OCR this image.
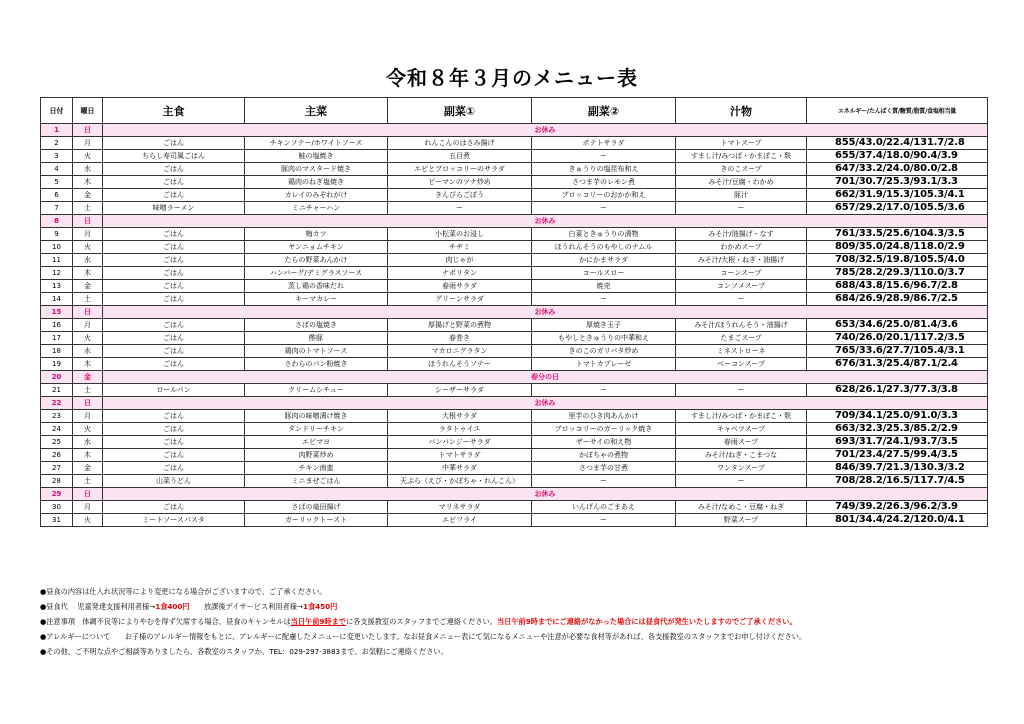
令和８年３月のメニュー表
日付	曜日	主食	主菜	副菜①	副菜②	汁物	エネルギー/たんぱく質/糖質/脂質/食塩相当量
1	日	お休み					
2	月	ごはん	チキンソテー/ホワイトソース	れんこんのはさみ揚げ	ポテトサラダ	トマトスープ	855/43.0/22.4/131.7/2.8
3	火	ちらし寿司風ごはん	鮭の塩焼き	五目煮	ー	すまし汁/みつば・かまぼこ・麩	655/37.4/18.0/90.4/3.9
4	水	ごはん	豚肉のマスタード焼き	エビとブロッコリーのサラダ	きゅうりの塩昆布和え	きのこスープ	647/33.2/24.0/80.0/2.8
5	木	ごはん	鶏肉のねぎ塩焼き	ピーマンのツナ炒め	さつま芋のレモン煮	みそ汁/豆腐・わかめ	701/30.7/25.3/93.1/3.3
6	金	ごはん	カレイのみぞれがけ	きんぴらごぼう	ブロッコリーのおかか和え	豚汁	662/31.9/15.3/105.3/4.1
7	土	味噌ラーメン	ミニチャーハン	ー	ー	ー	657/29.2/17.0/105.5/3.6
8	日	お休み					
9	月	ごはん	梅カツ	小松菜のお浸し	白菜ときゅうりの漬物	みそ汁/油揚げ・なす	761/33.5/25.6/104.3/3.5
10	火	ごはん	ヤンニョムチキン	チヂミ	ほうれんそうのもやしのナムル	わかめスープ	809/35.0/24.8/118.0/2.9
11	水	ごはん	たらの野菜あんかけ	肉じゃが	かにかまサラダ	みそ汁/大根・ねぎ・油揚げ	708/32.5/19.8/105.5/4.0
12	木	ごはん	ハンバーグ/デミグラスソース	ナポリタン	コールスロー	コーンスープ	785/28.2/29.3/110.0/3.7
13	金	ごはん	蒸し鶏の香味だれ	春雨サラダ	焼売	コンソメスープ	688/43.8/15.6/96.7/2.8
14	土	ごはん	キーマカレー	グリーンサラダ	ー	ー	684/26.9/28.9/86.7/2.5
15	日	お休み					
16	月	ごはん	さばの塩焼き	厚揚げと野菜の煮物	厚焼き玉子	みそ汁/ほうれんそう・油揚げ	653/34.6/25.0/81.4/3.6
17	火	ごはん	酢豚	春巻き	もやしときゅうりの中華和え	たまごスープ	740/26.0/20.1/117.2/3.5
18	水	ごはん	鶏肉のトマトソース	マカロニグラタン	きのこのガリバタ炒め	ミネストローネ	765/33.6/27.7/105.4/3.1
19	木	ごはん	さわらのパン粉焼き	ほうれんそうソテー	トマトカプレーゼ	ベーコンスープ	676/31.3/25.4/87.1/2.4
20	金	春分の日					
21	土	ロールパン	クリームシチュー	シーザーサラダ	ー	ー	628/26.1/27.3/77.3/3.8
22	日	お休み					
23	月	ごはん	豚肉の味噌漬け焼き	大根サラダ	里芋のひき肉あんかけ	すまし汁/みつば・かまぼこ・麩	709/34.1/25.0/91.0/3.3
24	火	ごはん	タンドリーチキン	ラタトゥイユ	ブロッコリーのガーリック焼き	キャベツスープ	663/32.3/25.3/85.2/2.9
25	水	ごはん	エビマヨ	バンバンジーサラダ	ザーサイの和え物	春雨スープ	693/31.7/24.1/93.7/3.5
26	木	ごはん	肉野菜炒め	トマトサラダ	かぼちゃの煮物	みそ汁/ねぎ・こまつな	701/23.4/27.5/99.4/3.5
27	金	ごはん	チキン南蛮	中華サラダ	さつま芋の甘煮	ワンタンスープ	846/39.7/21.3/130.3/3.2
28	土	山菜うどん	ミニまぜごはん	天ぷら（えび・かぼちゃ・れんこん）	ー	ー	708/28.2/16.5/117.7/4.5
29	日	お休み					
30	月	ごはん	さばの竜田揚げ	マリネサラダ	いんげんのごまあえ	みそ汁/なめこ・豆腐・ねぎ	749/39.2/26.3/96.2/3.9
31	火	ミートソースパスタ	ガーリックトースト	エビフライ	ー	野菜スープ	801/34.4/24.2/120.0/4.1
●昼食の内容は仕入れ状況等により変更になる場合がございますので、ご了承ください。
●昼食代　 児童発達支援利用者様→1食400円　　放課後デイサービス利用者様→1食450円
●注意事項　体調不良等によりやむを得ず欠席する場合、昼食のキャンセルは当日午前9時までに各支援教室のスタッフまでご連絡ください。当日午前9時までにご連絡がなかった場合には昼食代が発生いたしますのでご了承ください。
●アレルギーについて　　お子様のアレルギー情報をもとに、アレルギーに配慮したメニューに変更いたします。なお昼食メニュー表にて気になるメニューや注意が必要な食材等があれば、各支援教室のスタッフまでお申し付けください。
●その他、ご不明な点やご相談等ありましたら、各教室のスタッフか、TEL：029-297-3883まで、お気軽にご連絡ください。
